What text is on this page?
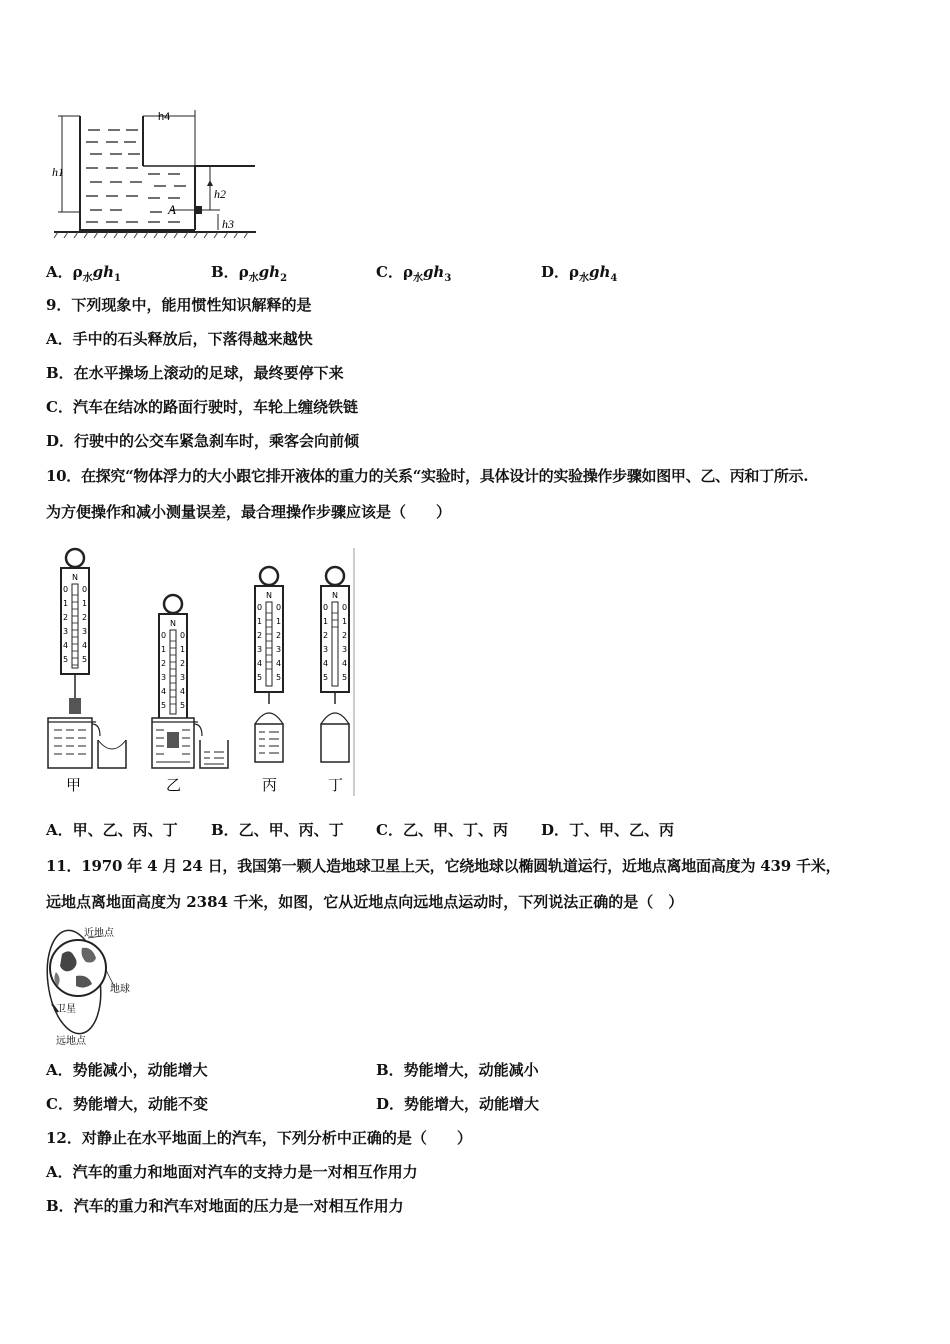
A
h4
h1
h2
h3
A．$\rho_水gh_1$	B．$\rho_水gh_2$	C．$\rho_水gh_3$	D．$\rho_水gh_4$
9．下列现象中，能用惯性知识解释的是
A．手中的石头释放后，下落得越来越快
B．在水平操场上滚动的足球，最终要停下来
C．汽车在结冰的路面行驶时，车轮上缠绕铁链
D．行驶中的公交车紧急刹车时，乘客会向前倾
10．在探究“物体浮力的大小跟它排开液体的重力的关系“实验时，具体设计的实验操作步骤如图甲、乙、丙和丁所示.
为方便操作和减小测量误差，最合理操作步骤应该是（　　）
N
0 0
1 1
2 2
3 3
4 4
5 5
N
0 0
1 1
2 2
3 3
4 4
5 5
N
0 0
1 1
2 2
3 3
4 4
5 5
N
0 0
1 1
2 2
3 3
4 4
5 5
甲	乙	丙	丁
A．甲、乙、丙、丁 B．乙、甲、丙、丁 C．乙、甲、丁、丙 D．丁、甲、乙、丙
11．1970 年 4 月 24 日，我国第一颗人造地球卫星上天，它绕地球以椭圆轨道运行，近地点离地面高度为 439 千米，
远地点离地面高度为 2384 千米，如图，它从近地点向远地点运动时，下列说法正确的是（　）
近地点
地球
卫星
远地点
A．势能减小，动能增大	B．势能增大，动能减小
C．势能增大，动能不变	D．势能增大，动能增大
12．对静止在水平地面上的汽车，下列分析中正确的是（　　）
A．汽车的重力和地面对汽车的支持力是一对相互作用力
B．汽车的重力和汽车对地面的压力是一对相互作用力
